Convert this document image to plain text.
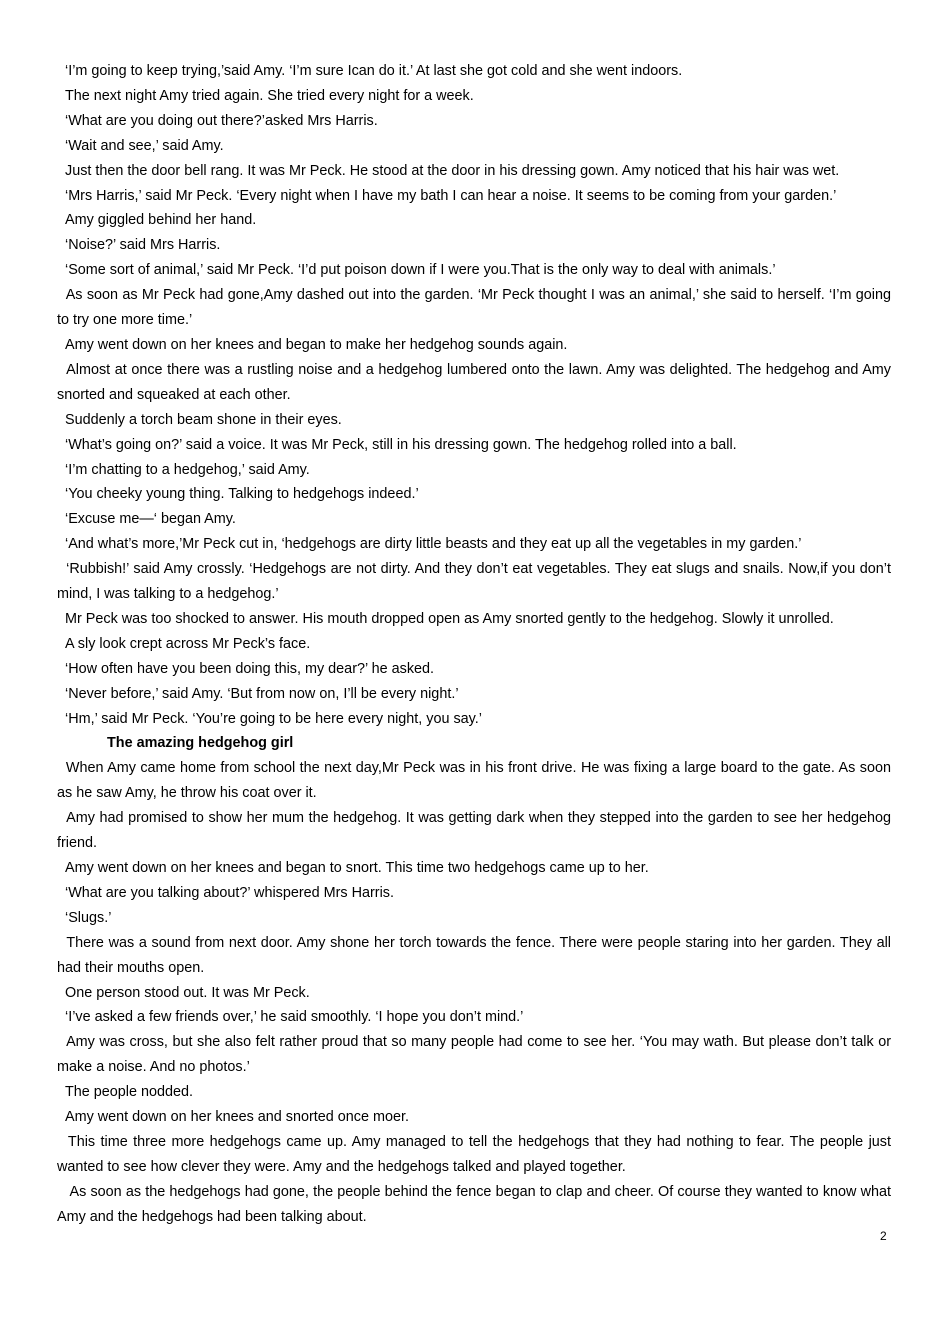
‘I’m going to keep trying,’said Amy. ‘I’m sure Ican do it.’ At last she got cold and she went indoors.

The next night Amy tried again. She tried every night for a week.

‘What are you doing out there?’asked Mrs Harris.

‘Wait and see,’ said Amy.

Just then the door bell rang. It was Mr Peck. He stood at the door in his dressing gown. Amy noticed that his hair was wet.

‘Mrs Harris,’ said Mr Peck. ‘Every night when I have my bath I can hear a noise. It seems to be coming from your garden.’

Amy giggled behind her hand.

‘Noise?’ said Mrs Harris.

‘Some sort of animal,’ said Mr Peck. ‘I’d put poison down if I were you.That is the only way to deal with animals.’

As soon as Mr Peck had gone,Amy dashed out into the garden. ‘Mr Peck thought I was an animal,’ she said to herself. ‘I’m going to try one more time.’

Amy went down on her knees and began to make her hedgehog sounds again.

Almost at once there was a rustling noise and a hedgehog lumbered onto the lawn. Amy was delighted. The hedgehog and Amy snorted and squeaked at each other.

Suddenly a torch beam shone in their eyes.

‘What’s going on?’ said a voice. It was Mr Peck, still in his dressing gown. The hedgehog rolled into a ball.

‘I’m chatting to a hedgehog,’ said Amy.

‘You cheeky young thing. Talking to hedgehogs indeed.’

‘Excuse me—‘ began Amy.

‘And what’s more,’Mr Peck cut in, ‘hedgehogs are dirty little beasts and they eat up all the vegetables in my garden.’

‘Rubbish!’ said Amy crossly. ‘Hedgehogs are not dirty. And they don’t eat vegetables. They eat slugs and snails. Now,if you don’t mind, I was talking to a hedgehog.’

Mr Peck was too shocked to answer. His mouth dropped open as Amy snorted gently to the hedgehog. Slowly it unrolled.

A sly look crept across Mr Peck’s face.

‘How often have you been doing this, my dear?’ he asked.

‘Never before,’ said Amy. ‘But from now on, I’ll be every night.’

‘Hm,’ said Mr Peck. ‘You’re going to be here every night, you say.’

The amazing hedgehog girl

When Amy came home from school the next day,Mr Peck was in his front drive. He was fixing a large board to the gate. As soon as he saw Amy, he throw his coat over it.

Amy had promised to show her mum the hedgehog. It was getting dark when they stepped into the garden to see her hedgehog friend.

Amy went down on her knees and began to snort. This time two hedgehogs came up to her.

‘What are you talking about?’ whispered Mrs Harris.

‘Slugs.’

There was a sound from next door. Amy shone her torch towards the fence. There were people staring into her garden. They all had their mouths open.

One person stood out. It was Mr Peck.

‘I’ve asked a few friends over,’ he said smoothly. ‘I hope you don’t mind.’

Amy was cross, but she also felt rather proud that so many people had come to see her. ‘You may wath. But please don’t talk or make a noise. And no photos.’

The people nodded.

Amy went down on her knees and snorted once moer.

This time three more hedgehogs came up. Amy managed to tell the hedgehogs that they had nothing to fear. The people just wanted to see how clever they were. Amy and the hedgehogs talked and played together.

As soon as the hedgehogs had gone, the people behind the fence began to clap and cheer. Of course they wanted to know what Amy and the hedgehogs had been talking about.

2
